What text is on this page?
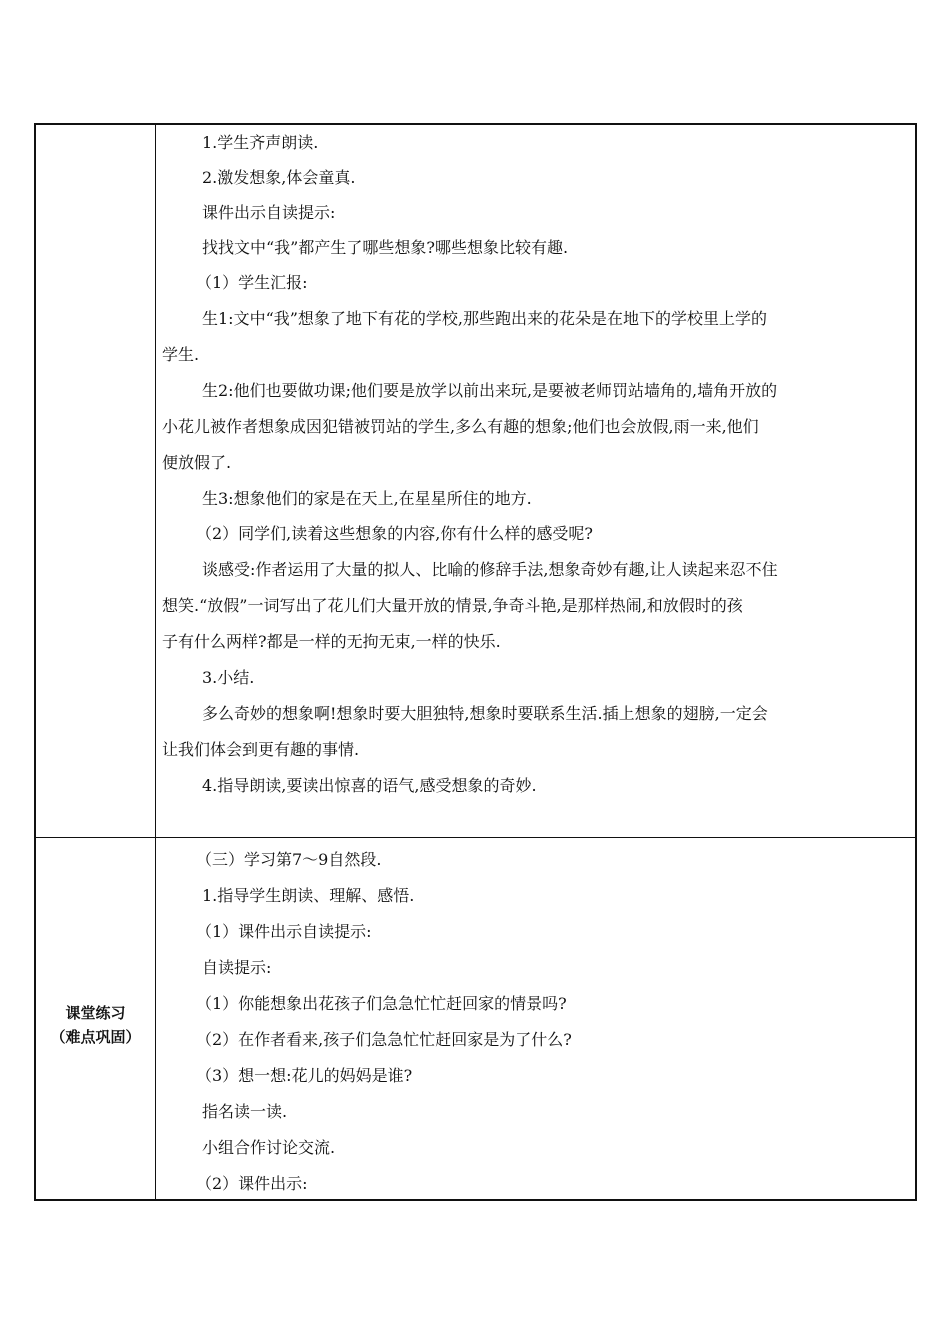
1.学生齐声朗读.
2.激发想象,体会童真.
课件出示自读提示:
找找文中“我”都产生了哪些想象?哪些想象比较有趣.
（1）学生汇报:
生1:文中“我”想象了地下有花的学校,那些跑出来的花朵是在地下的学校里上学的
学生.
生2:他们也要做功课;他们要是放学以前出来玩,是要被老师罚站墙角的,墙角开放的
小花儿被作者想象成因犯错被罚站的学生,多么有趣的想象;他们也会放假,雨一来,他们
便放假了.
生3:想象他们的家是在天上,在星星所住的地方.
（2）同学们,读着这些想象的内容,你有什么样的感受呢?
谈感受:作者运用了大量的拟人、比喻的修辞手法,想象奇妙有趣,让人读起来忍不住
想笑.“放假”一词写出了花儿们大量开放的情景,争奇斗艳,是那样热闹,和放假时的孩
子有什么两样?都是一样的无拘无束,一样的快乐.
3.小结.
多么奇妙的想象啊!想象时要大胆独特,想象时要联系生活.插上想象的翅膀,一定会
让我们体会到更有趣的事情.
4.指导朗读,要读出惊喜的语气,感受想象的奇妙.
课堂练习
（难点巩固）
（三）学习第7～9自然段.
1.指导学生朗读、理解、感悟.
（1）课件出示自读提示:
自读提示:
（1）你能想象出花孩子们急急忙忙赶回家的情景吗?
（2）在作者看来,孩子们急急忙忙赶回家是为了什么?
（3）想一想:花儿的妈妈是谁?
指名读一读.
小组合作讨论交流.
（2）课件出示:
